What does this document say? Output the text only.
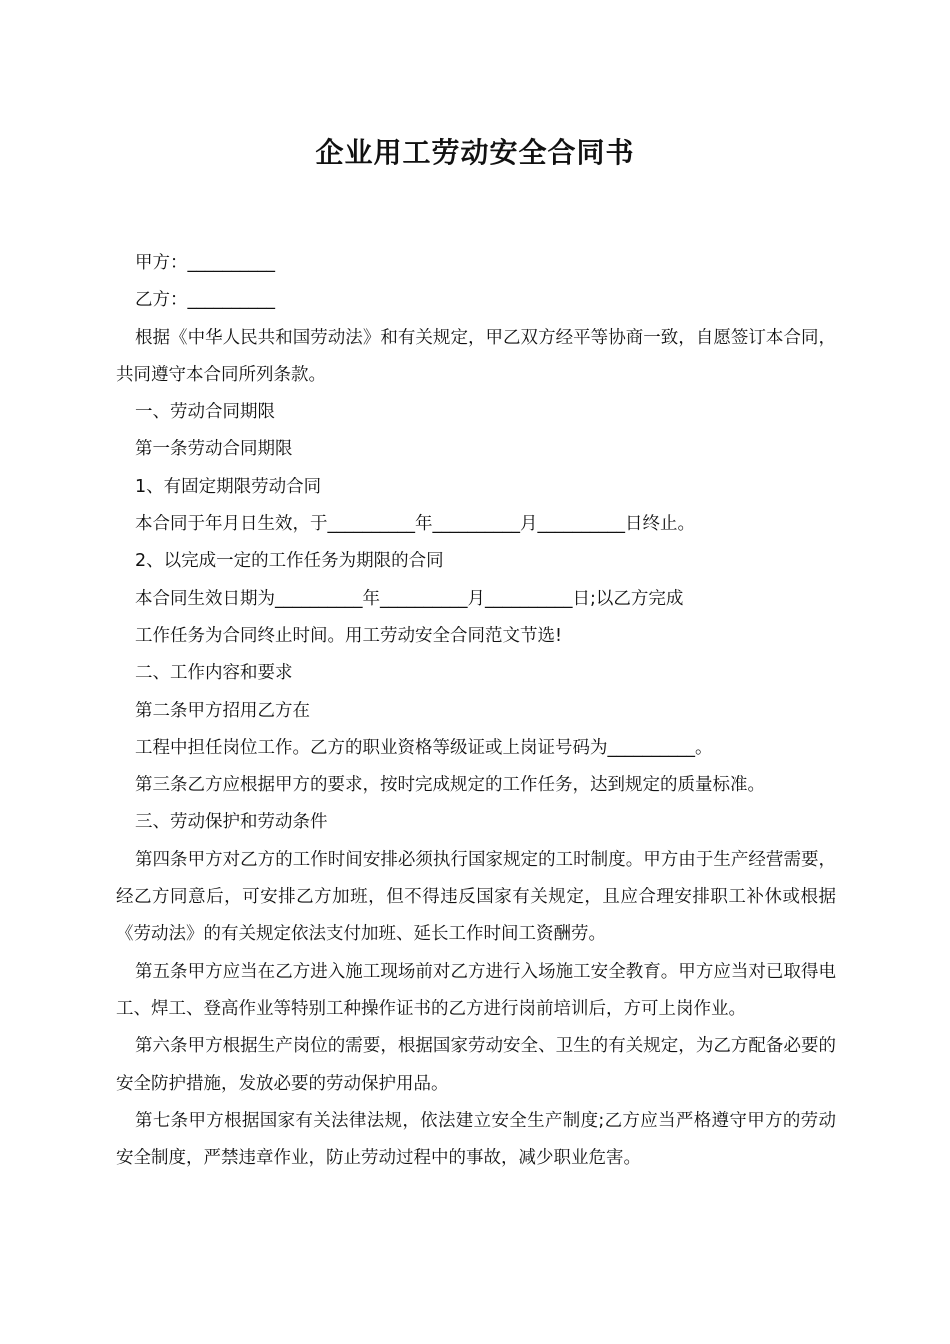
企业用工劳动安全合同书

甲方：__________

乙方：__________

根据《中华人民共和国劳动法》和有关规定，甲乙双方经平等协商一致，自愿签订本合同，共同遵守本合同所列条款。

一、劳动合同期限

第一条劳动合同期限

1、有固定期限劳动合同

本合同于年月日生效，于__________年__________月__________日终止。

2、以完成一定的工作任务为期限的合同

本合同生效日期为__________年__________月__________日;以乙方完成

工作任务为合同终止时间。用工劳动安全合同范文节选!

二、工作内容和要求

第二条甲方招用乙方在

工程中担任岗位工作。乙方的职业资格等级证或上岗证号码为__________。

第三条乙方应根据甲方的要求，按时完成规定的工作任务，达到规定的质量标准。

三、劳动保护和劳动条件

第四条甲方对乙方的工作时间安排必须执行国家规定的工时制度。甲方由于生产经营需要，经乙方同意后，可安排乙方加班，但不得违反国家有关规定，且应合理安排职工补休或根据《劳动法》的有关规定依法支付加班、延长工作时间工资酬劳。

第五条甲方应当在乙方进入施工现场前对乙方进行入场施工安全教育。甲方应当对已取得电工、焊工、登高作业等特别工种操作证书的乙方进行岗前培训后，方可上岗作业。

第六条甲方根据生产岗位的需要，根据国家劳动安全、卫生的有关规定，为乙方配备必要的安全防护措施，发放必要的劳动保护用品。

第七条甲方根据国家有关法律法规，依法建立安全生产制度;乙方应当严格遵守甲方的劳动安全制度，严禁违章作业，防止劳动过程中的事故，减少职业危害。
